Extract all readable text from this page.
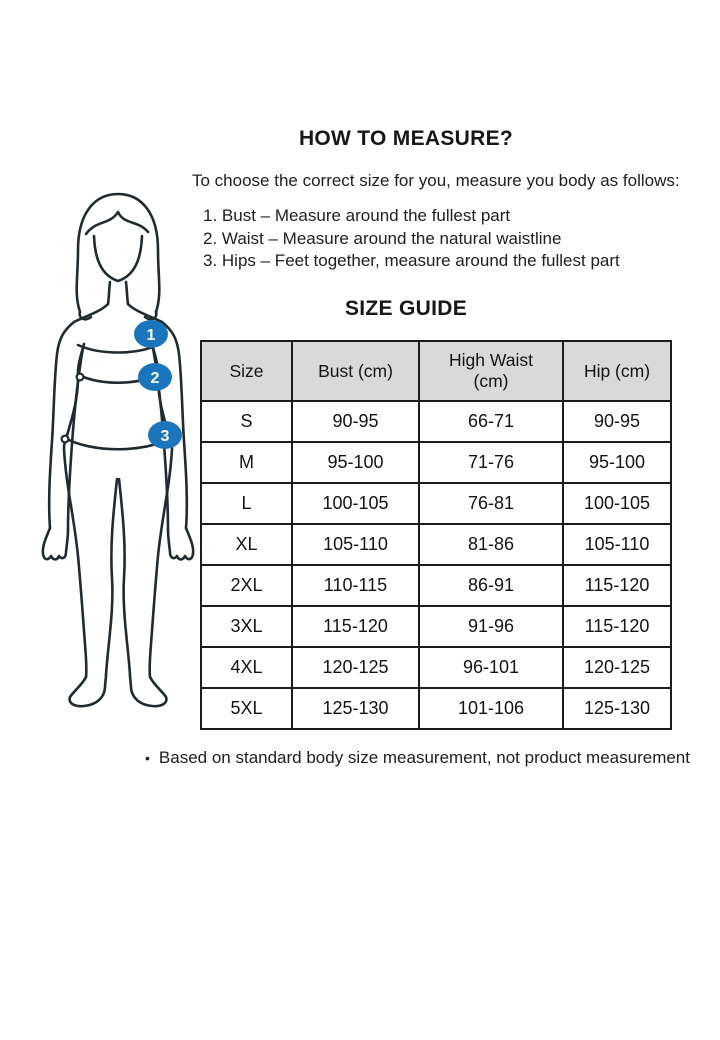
1
2
3
HOW TO MEASURE?
To choose the correct size for you, measure you body as follows:
1. Bust – Measure around the fullest part
2. Waist – Measure around the natural waistline
3. Hips – Feet together, measure around the fullest part
SIZE GUIDE
Size	Bust (cm)	High Waist (cm)	Hip (cm)
S	90-95	66-71	90-95
M	95-100	71-76	95-100
L	100-105	76-81	100-105
XL	105-110	81-86	105-110
2XL	110-115	86-91	115-120
3XL	115-120	91-96	115-120
4XL	120-125	96-101	120-125
5XL	125-130	101-106	125-130
• Based on standard body size measurement, not product measurement
